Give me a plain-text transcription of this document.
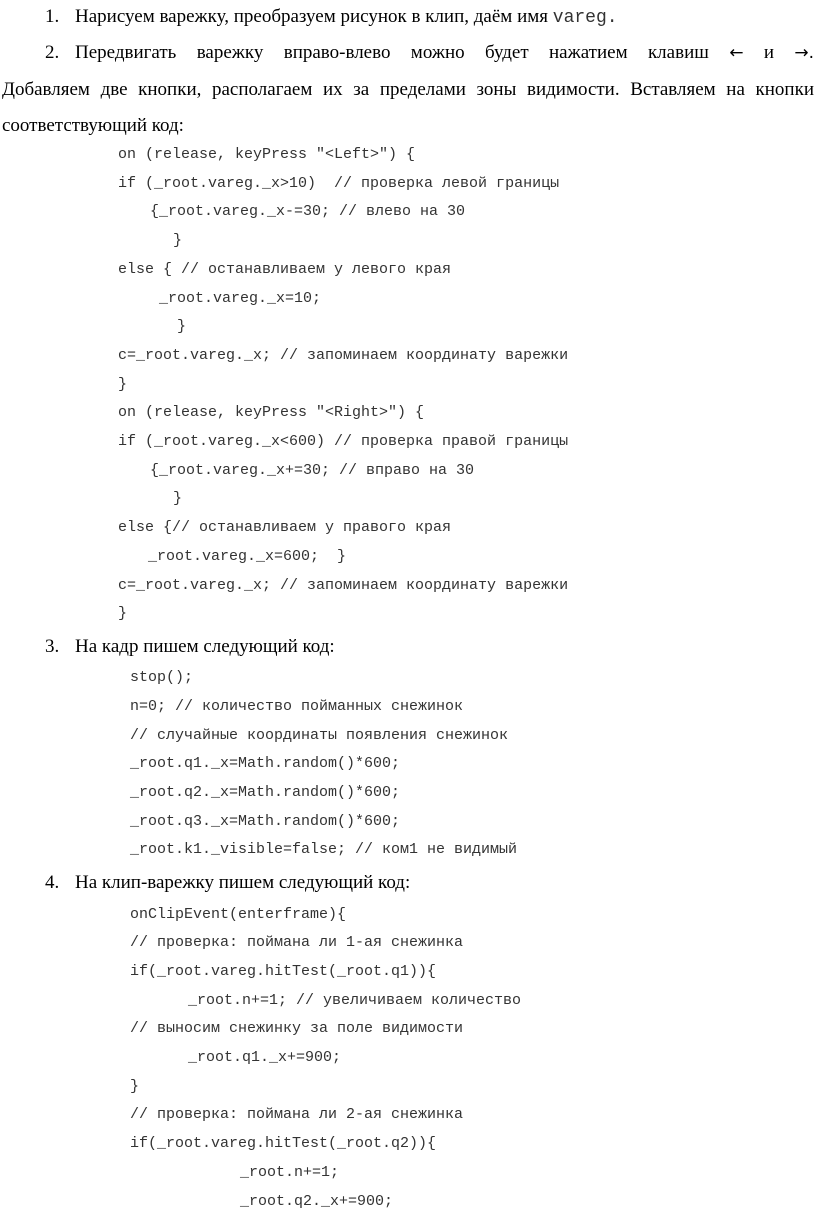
1. Нарисуем варежку, преобразуем рисунок в клип, даём имя vareg.
2. Передвигать варежку вправо-влево можно будет нажатием клавиш ← и →.
Добавляем две кнопки, располагаем их за пределами зоны видимости. Вставляем на кнопки
соответствующий код:
on (release, keyPress "<Left>") {
if (_root.vareg._x>10)  // проверка левой границы
{_root.vareg._x-=30; // влево на 30
}
else { // останавливаем у левого края
_root.vareg._x=10;
}
c=_root.vareg._x; // запоминаем координату варежки
}
on (release, keyPress "<Right>") {
if (_root.vareg._x<600) // проверка правой границы
{_root.vareg._x+=30; // вправо на 30
}
else {// останавливаем у правого края
_root.vareg._x=600;  }
c=_root.vareg._x; // запоминаем координату варежки
}
3. На кадр пишем следующий код:
stop();
n=0; // количество пойманных снежинок
// случайные координаты появления снежинок
_root.q1._x=Math.random()*600;
_root.q2._x=Math.random()*600;
_root.q3._x=Math.random()*600;
_root.k1._visible=false; // ком1 не видимый
4. На клип-варежку пишем следующий код:
onClipEvent(enterframe){
// проверка: поймана ли 1-ая снежинка
if(_root.vareg.hitTest(_root.q1)){
_root.n+=1; // увеличиваем количество
// выносим снежинку за поле видимости
_root.q1._x+=900;
}
// проверка: поймана ли 2-ая снежинка
if(_root.vareg.hitTest(_root.q2)){
_root.n+=1;
_root.q2._x+=900;
